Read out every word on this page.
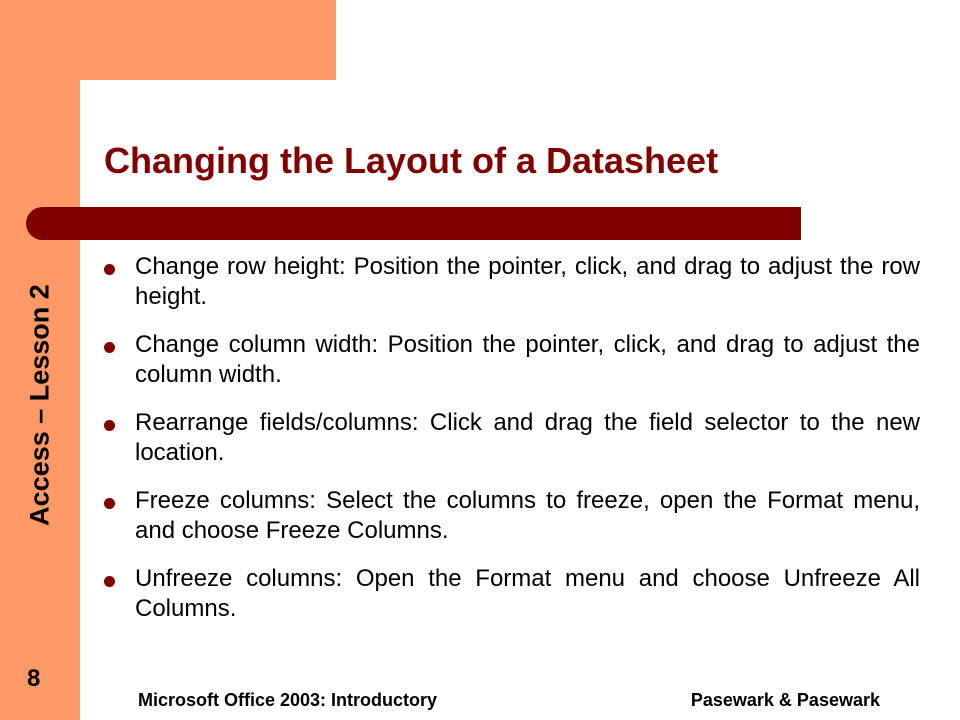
Changing the Layout of a Datasheet
Access – Lesson 2
Change row height: Position the pointer, click, and drag to adjust the row height.
Change column width: Position the pointer, click, and drag to adjust the column width.
Rearrange fields/columns: Click and drag the field selector to the new location.
Freeze columns: Select the columns to freeze, open the Format menu, and choose Freeze Columns.
Unfreeze columns: Open the Format menu and choose Unfreeze All Columns.
8
Microsoft Office 2003: Introductory	Pasewark & Pasewark
